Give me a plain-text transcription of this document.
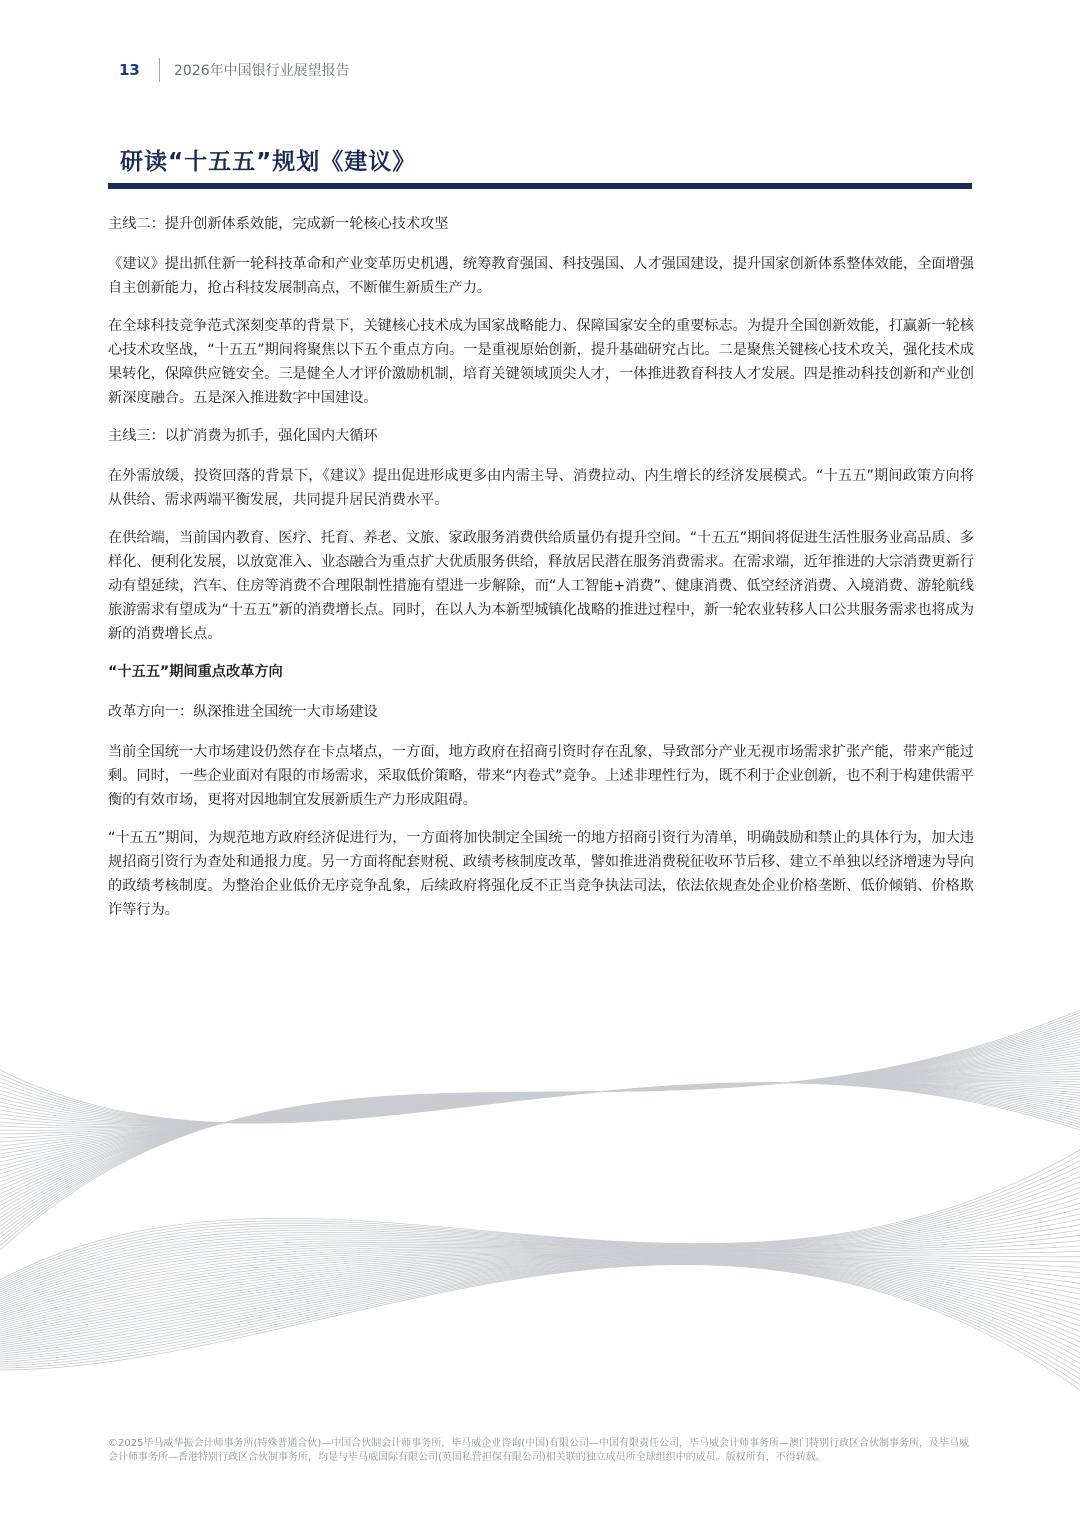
13	2026年中国银行业展望报告
研读“十五五”规划《建议》

主线二：提升创新体系效能，完成新一轮核心技术攻坚

《建议》提出抓住新一轮科技革命和产业变革历史机遇，统筹教育强国、科技强国、人才强国建设，提升国家创新体系整体效能，全面增强自主创新能力，抢占科技发展制高点，不断催生新质生产力。

在全球科技竞争范式深刻变革的背景下，关键核心技术成为国家战略能力、保障国家安全的重要标志。为提升全国创新效能，打赢新一轮核心技术攻坚战，“十五五”期间将聚焦以下五个重点方向。一是重视原始创新，提升基础研究占比。二是聚焦关键核心技术攻关，强化技术成果转化，保障供应链安全。三是健全人才评价激励机制，培育关键领域顶尖人才，一体推进教育科技人才发展。四是推动科技创新和产业创新深度融合。五是深入推进数字中国建设。

主线三：以扩消费为抓手，强化国内大循环

在外需放缓，投资回落的背景下，《建议》提出促进形成更多由内需主导、消费拉动、内生增长的经济发展模式。“十五五”期间政策方向将从供给、需求两端平衡发展，共同提升居民消费水平。

在供给端，当前国内教育、医疗、托育、养老、文旅、家政服务消费供给质量仍有提升空间。“十五五”期间将促进生活性服务业高品质、多样化、便利化发展，以放宽准入、业态融合为重点扩大优质服务供给，释放居民潜在服务消费需求。在需求端，近年推进的大宗消费更新行动有望延续，汽车、住房等消费不合理限制性措施有望进一步解除，而“人工智能+消费”、健康消费、低空经济消费、入境消费、游轮航线旅游需求有望成为“十五五”新的消费增长点。同时，在以人为本新型城镇化战略的推进过程中，新一轮农业转移人口公共服务需求也将成为新的消费增长点。

“十五五”期间重点改革方向

改革方向一：纵深推进全国统一大市场建设

当前全国统一大市场建设仍然存在卡点堵点，一方面，地方政府在招商引资时存在乱象，导致部分产业无视市场需求扩张产能，带来产能过剩。同时，一些企业面对有限的市场需求，采取低价策略，带来“内卷式”竞争。上述非理性行为，既不利于企业创新，也不利于构建供需平衡的有效市场，更将对因地制宜发展新质生产力形成阻碍。

“十五五”期间，为规范地方政府经济促进行为，一方面将加快制定全国统一的地方招商引资行为清单，明确鼓励和禁止的具体行为，加大违规招商引资行为查处和通报力度。另一方面将配套财税、政绩考核制度改革，譬如推进消费税征收环节后移、建立不单独以经济增速为导向的政绩考核制度。为整治企业低价无序竞争乱象，后续政府将强化反不正当竞争执法司法，依法依规查处企业价格垄断、低价倾销、价格欺诈等行为。

©2025毕马威华振会计师事务所(特殊普通合伙)—中国合伙制会计师事务所，毕马威企业咨询(中国)有限公司—中国有限责任公司，毕马威会计师事务所—澳门特别行政区合伙制事务所，及毕马威会计师事务所—香港特别行政区合伙制事务所，均是与毕马威国际有限公司(英国私营担保有限公司)相关联的独立成员所全球组织中的成员。版权所有，不得转载。
